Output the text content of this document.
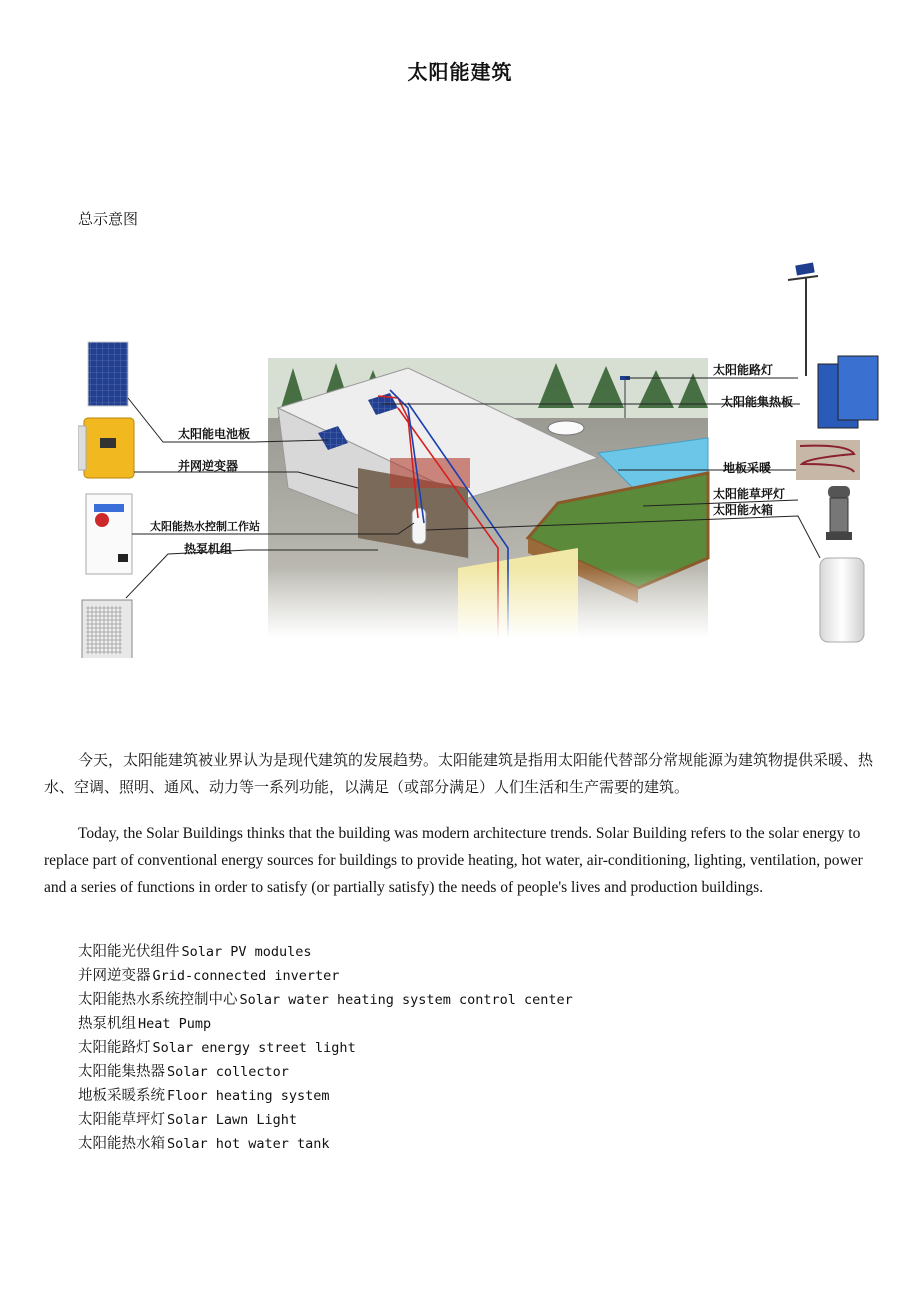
太阳能建筑
总示意图
太阳能电池板
并网逆变器
太阳能热水控制工作站
热泵机组
太阳能路灯
太阳能集热板
地板采暖
太阳能草坪灯
太阳能水箱

今天，太阳能建筑被业界认为是现代建筑的发展趋势。太阳能建筑是指用太阳能代替部分常规能源为建筑物提供采暖、热水、空调、照明、通风、动力等一系列功能，以满足（或部分满足）人们生活和生产需要的建筑。

Today, the Solar Buildings thinks that the building was modern architecture trends. Solar Building refers to the solar energy to replace part of conventional energy sources for buildings to provide heating, hot water, air-conditioning, lighting, ventilation, power and a series of functions in order to satisfy (or partially satisfy) the needs of people's lives and production buildings.

太阳能光伏组件 Solar PV modules
并网逆变器 Grid-connected inverter
太阳能热水系统控制中心 Solar water heating system control center
热泵机组 Heat Pump
太阳能路灯 Solar energy street light
太阳能集热器 Solar collector
地板采暖系统 Floor heating system
太阳能草坪灯 Solar Lawn Light
太阳能热水箱 Solar hot water tank
